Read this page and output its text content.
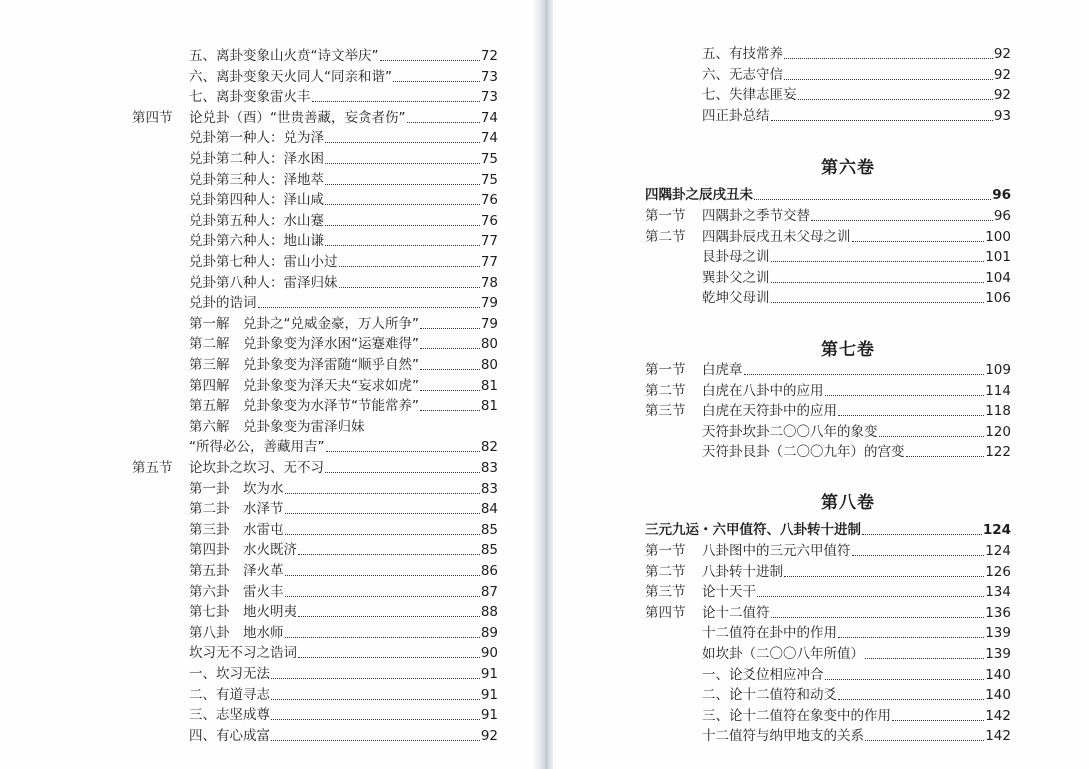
五、离卦变象山火贲“诗文举庆”	72
六、离卦变象天火同人“同亲和谐”	73
七、离卦变象雷火丰	73
第四节 论兑卦（酉）“世贵善藏，妄贪者伤”	74
兑卦第一种人：兑为泽	74
兑卦第二种人：泽水困	75
兑卦第三种人：泽地萃	75
兑卦第四种人：泽山咸	76
兑卦第五种人：水山蹇	76
兑卦第六种人：地山谦	77
兑卦第七种人：雷山小过	77
兑卦第八种人：雷泽归妹	78
兑卦的诰词	79
第一解　兑卦之“兑威金豪，万人所争”	79
第二解　兑卦象变为泽水困“运蹇难得”	80
第三解　兑卦象变为泽雷随“顺乎自然”	80
第四解　兑卦象变为泽天夬“妄求如虎”	81
第五解　兑卦象变为水泽节“节能常养”	81
第六解　兑卦象变为雷泽归妹
“所得必公，善藏用吉”	82
第五节 论坎卦之坎习、无不习	83
第一卦　坎为水	83
第二卦　水泽节	84
第三卦　水雷屯	85
第四卦　水火既济	85
第五卦　泽火革	86
第六卦　雷火丰	87
第七卦　地火明夷	88
第八卦　地水师	89
坎习无不习之诰词	90
一、坎习无法	91
二、有道寻志	91
三、志坚成尊	91
四、有心成富	92
第六卷
第七卷
第八卷
五、有技常养	92
六、无志守信	92
七、失律志匪妄	92
四正卦总结	93
四隅卦之辰戌丑未	96
第一节 四隅卦之季节交替	96
第二节 四隅卦辰戌丑未父母之训	100
艮卦母之训	101
巽卦父之训	104
乾坤父母训	106
第一节 白虎章	109
第二节 白虎在八卦中的应用	114
第三节 白虎在天符卦中的应用	118
天符卦坎卦二〇〇八年的象变	120
天符卦艮卦（二〇〇九年）的宫变	122
三元九运・六甲值符、八卦转十进制	124
第一节 八卦图中的三元六甲值符	124
第二节 八卦转十进制	126
第三节 论十天干	134
第四节 论十二值符	136
十二值符在卦中的作用	139
如坎卦（二〇〇八年所值）	139
一、论爻位相应冲合	140
二、论十二值符和动爻	140
三、论十二值符在象变中的作用	142
十二值符与纳甲地支的关系	142
